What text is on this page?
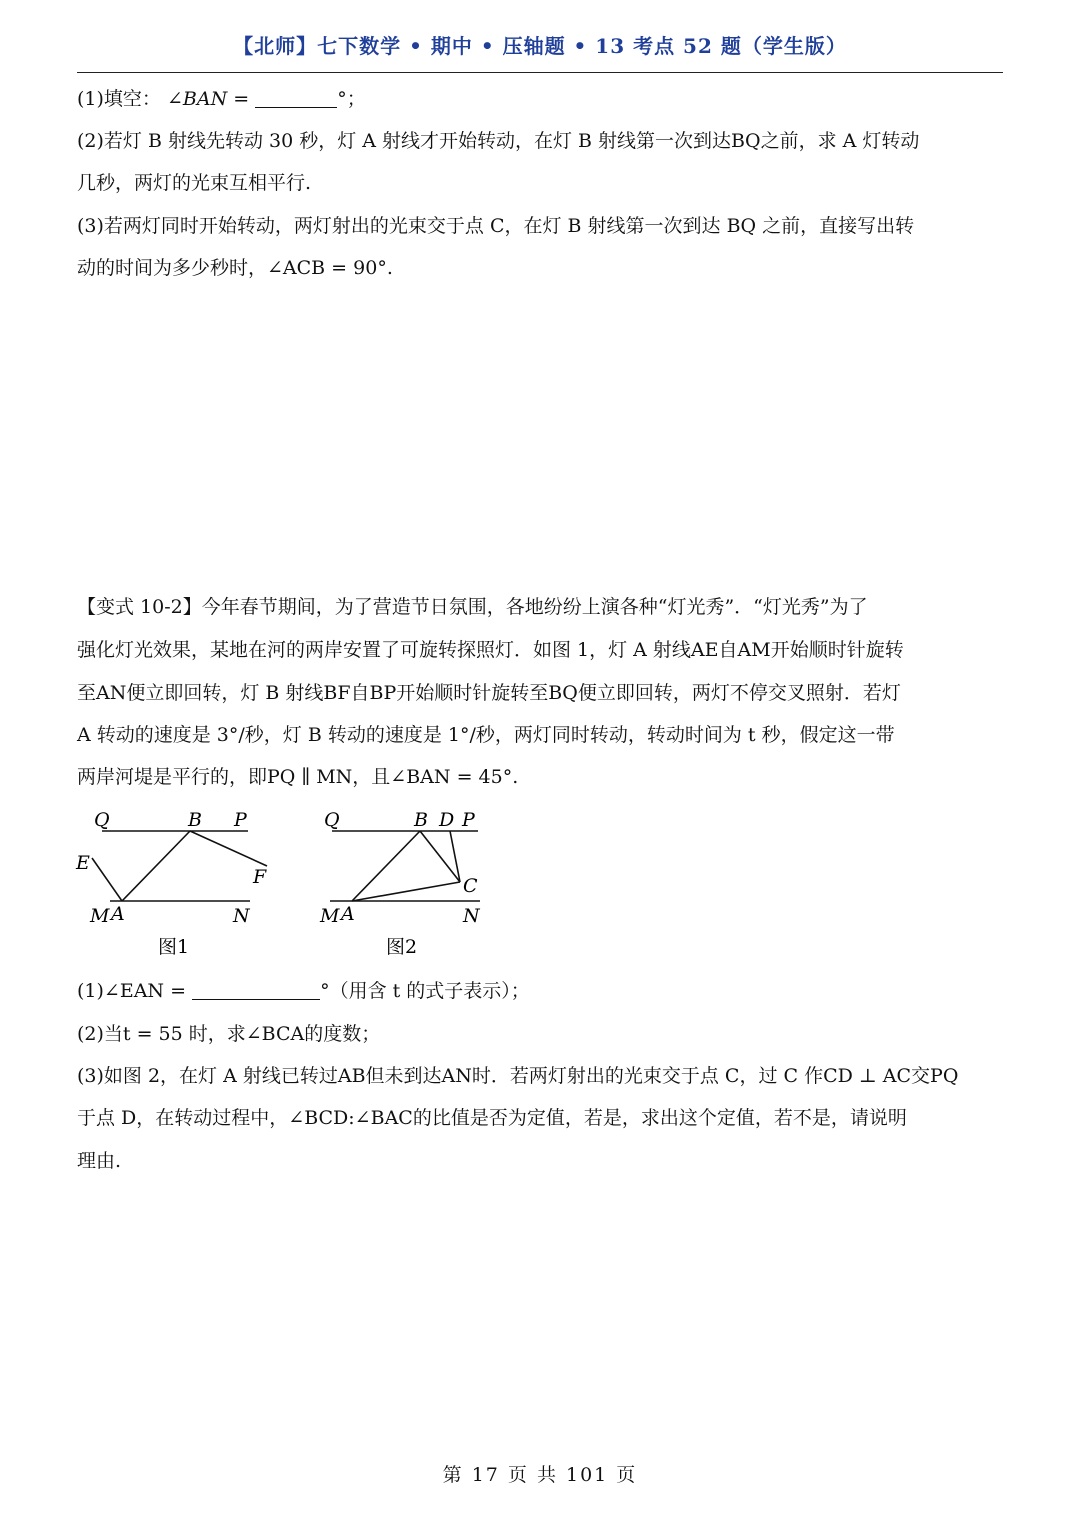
【北师】七下数学 • 期中 • 压轴题 • 13 考点 52 题（学生版）

(1)填空： ∠BAN =	°；

(2)若灯 B 射线先转动 30 秒，灯 A 射线才开始转动，在灯 B 射线第一次到达BQ之前，求 A 灯转动

几秒，两灯的光束互相平行.

(3)若两灯同时开始转动，两灯射出的光束交于点 C，在灯 B 射线第一次到达 BQ 之前，直接写出转

动的时间为多少秒时，∠ACB = 90°.

【变式 10-2】今年春节期间，为了营造节日氛围，各地纷纷上演各种“灯光秀”．“灯光秀”为了

强化灯光效果，某地在河的两岸安置了可旋转探照灯．如图 1，灯 A 射线AE自AM开始顺时针旋转

至AN便立即回转，灯 B 射线BF自BP开始顺时针旋转至BQ便立即回转，两灯不停交叉照射．若灯

A 转动的速度是 3°/秒，灯 B 转动的速度是 1°/秒，两灯同时转动，转动时间为 t 秒，假定这一带

两岸河堤是平行的，即PQ ∥ MN，且∠BAN = 45°.

Q	B P
E
F
M A	N
图1
Q	B D P
C
M A	N
图2

(1)∠EAN =	°（用含 t 的式子表示）；

(2)当t = 55 时，求∠BCA的度数；

(3)如图 2，在灯 A 射线已转过AB但未到达AN时．若两灯射出的光束交于点 C，过 C 作CD ⊥ AC交PQ

于点 D，在转动过程中，∠BCD:∠BAC的比值是否为定值，若是，求出这个定值，若不是，请说明

理由.

第 17 页 共 101 页
